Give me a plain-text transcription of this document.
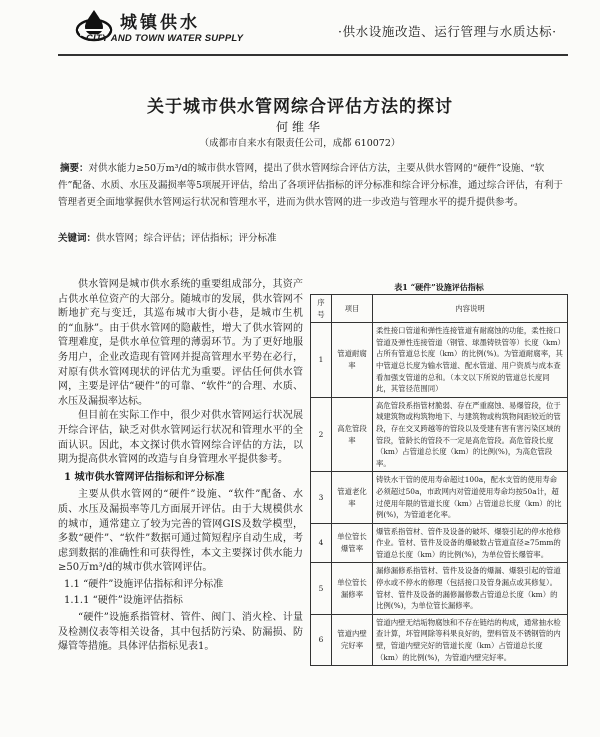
城镇供水
CITY AND TOWN WATER SUPPLY	·供水设施改造、运行管理与水质达标·
关于城市供水管网综合评估方法的探讨
何维华
（成都市自来水有限责任公司，成都 610072）
摘要：对供水能力≥50万m³/d的城市供水管网，提出了供水管网综合评估方法，主要从供水管网的“硬件”设施、“软件”配备、水质、水压及漏损率等5项展开评估，给出了各项评估指标的评分标准和综合评分标准，通过综合评估，有利于管理者更全面地掌握供水管网运行状况和管理水平，进而为供水管网的进一步改造与管理水平的提升提供参考。
关键词：供水管网；综合评估；评估指标；评分标准

供水管网是城市供水系统的重要组成部分，其资产占供水单位资产的大部分。随城市的发展，供水管网不断地扩充与变迁，其巡布城市大街小巷，是城市生机的“血脉”。由于供水管网的隐蔽性，增大了供水管网的管理难度，是供水单位管理的薄弱环节。为了更好地服务用户，企业改造现有管网并提高管理水平势在必行，对原有供水管网现状的评估尤为重要。评估任何供水管网，主要是评估“硬件”的可靠、“软件”的合理、水质、水压及漏损率达标。

但目前在实际工作中，很少对供水管网运行状况展开综合评估，缺乏对供水管网运行状况和管理水平的全面认识。因此，本文探讨供水管网综合评估的方法，以期为提高供水管网的改造与自身管理水平提供参考。

1 城市供水管网评估指标和评分标准

主要从供水管网的“硬件”设施、“软件”配备、水质、水压及漏损率等几方面展开评估。由于大规模供水的城市，通常建立了较为完善的管网GIS及数学模型，多数“硬件”、“软件”数据可通过简短程序自动生成，考虑到数据的准确性和可获得性，本文主要探讨供水能力≥50万m³/d的城市供水管网评估。

1.1 “硬件”设施评估指标和评分标准
1.1.1 “硬件”设施评估指标

“硬件”设施系指管材、管件、阀门、消火栓、计量及检测仪表等相关设备，其中包括防污染、防漏损、防爆管等措施。具体评估指标见表1。

表1 “硬件”设施评估指标
序号	项目	内容说明
1	管道耐腐率	柔性接口管道和弹性连接管道有耐腐蚀的功能，柔性接口管道及弹性连接管道（钢管、球墨铸铁管等）长度（km）占所有管道总长度（km）的比例(%)。为管道耐腐率，其中管道总长度为输水管道、配水管道、用户资质与成本查看加强支管道的总和。（本文以下所说的管道总长度同此，其管径范围同）
2	高危管段率	高危管段系指管材脆弱、存在严重腐蚀、易爆管段，位于城建筑物或构筑物地下、与建筑物或构筑物间距较近的管段，存在交叉跨越等的管段以及受建有害有害污染区域的管段，管龄长的管段不一定是高危管段。高危管段长度（km）占管道总长度（km）的比例(%)，为高危管段率。
3	管道老化率	铸铁水干管的使用寿命超过100a，配水支管的使用寿命必须超过50a，市政网内对管道使用寿命均按50a计，超过使用年限的管道长度（km）占管道总长度（km）的比例(%)，为管道老化率。
4	单位管长爆管率	爆管系指管材、管件及设备的破坏、爆裂引起的停水抢修作业。管材、管件及设备的爆破数占管道直径≥75mm的管道总长度（km）的比例(%)，为单位管长爆管率。
5	单位管长漏修率	漏修漏修系指管材、管件及设备的爆漏、爆裂引起的管道停水或不停水的修理（包括接口及管身漏点或其修复）。管材、管件及设备的漏修漏修数占管道总长度（km）的比例(%)，为单位管长漏修率。
6	管道内壁完好率	管道内壁无结垢物腐蚀和不存在链结的构成，通常抽水检查计算，坏管网除等科果良好的，塑料管及不锈钢管的内壁，管道内壁完好的管道长度（km）占管道总长度（km）的比例(%)，为管道内壁完好率。
